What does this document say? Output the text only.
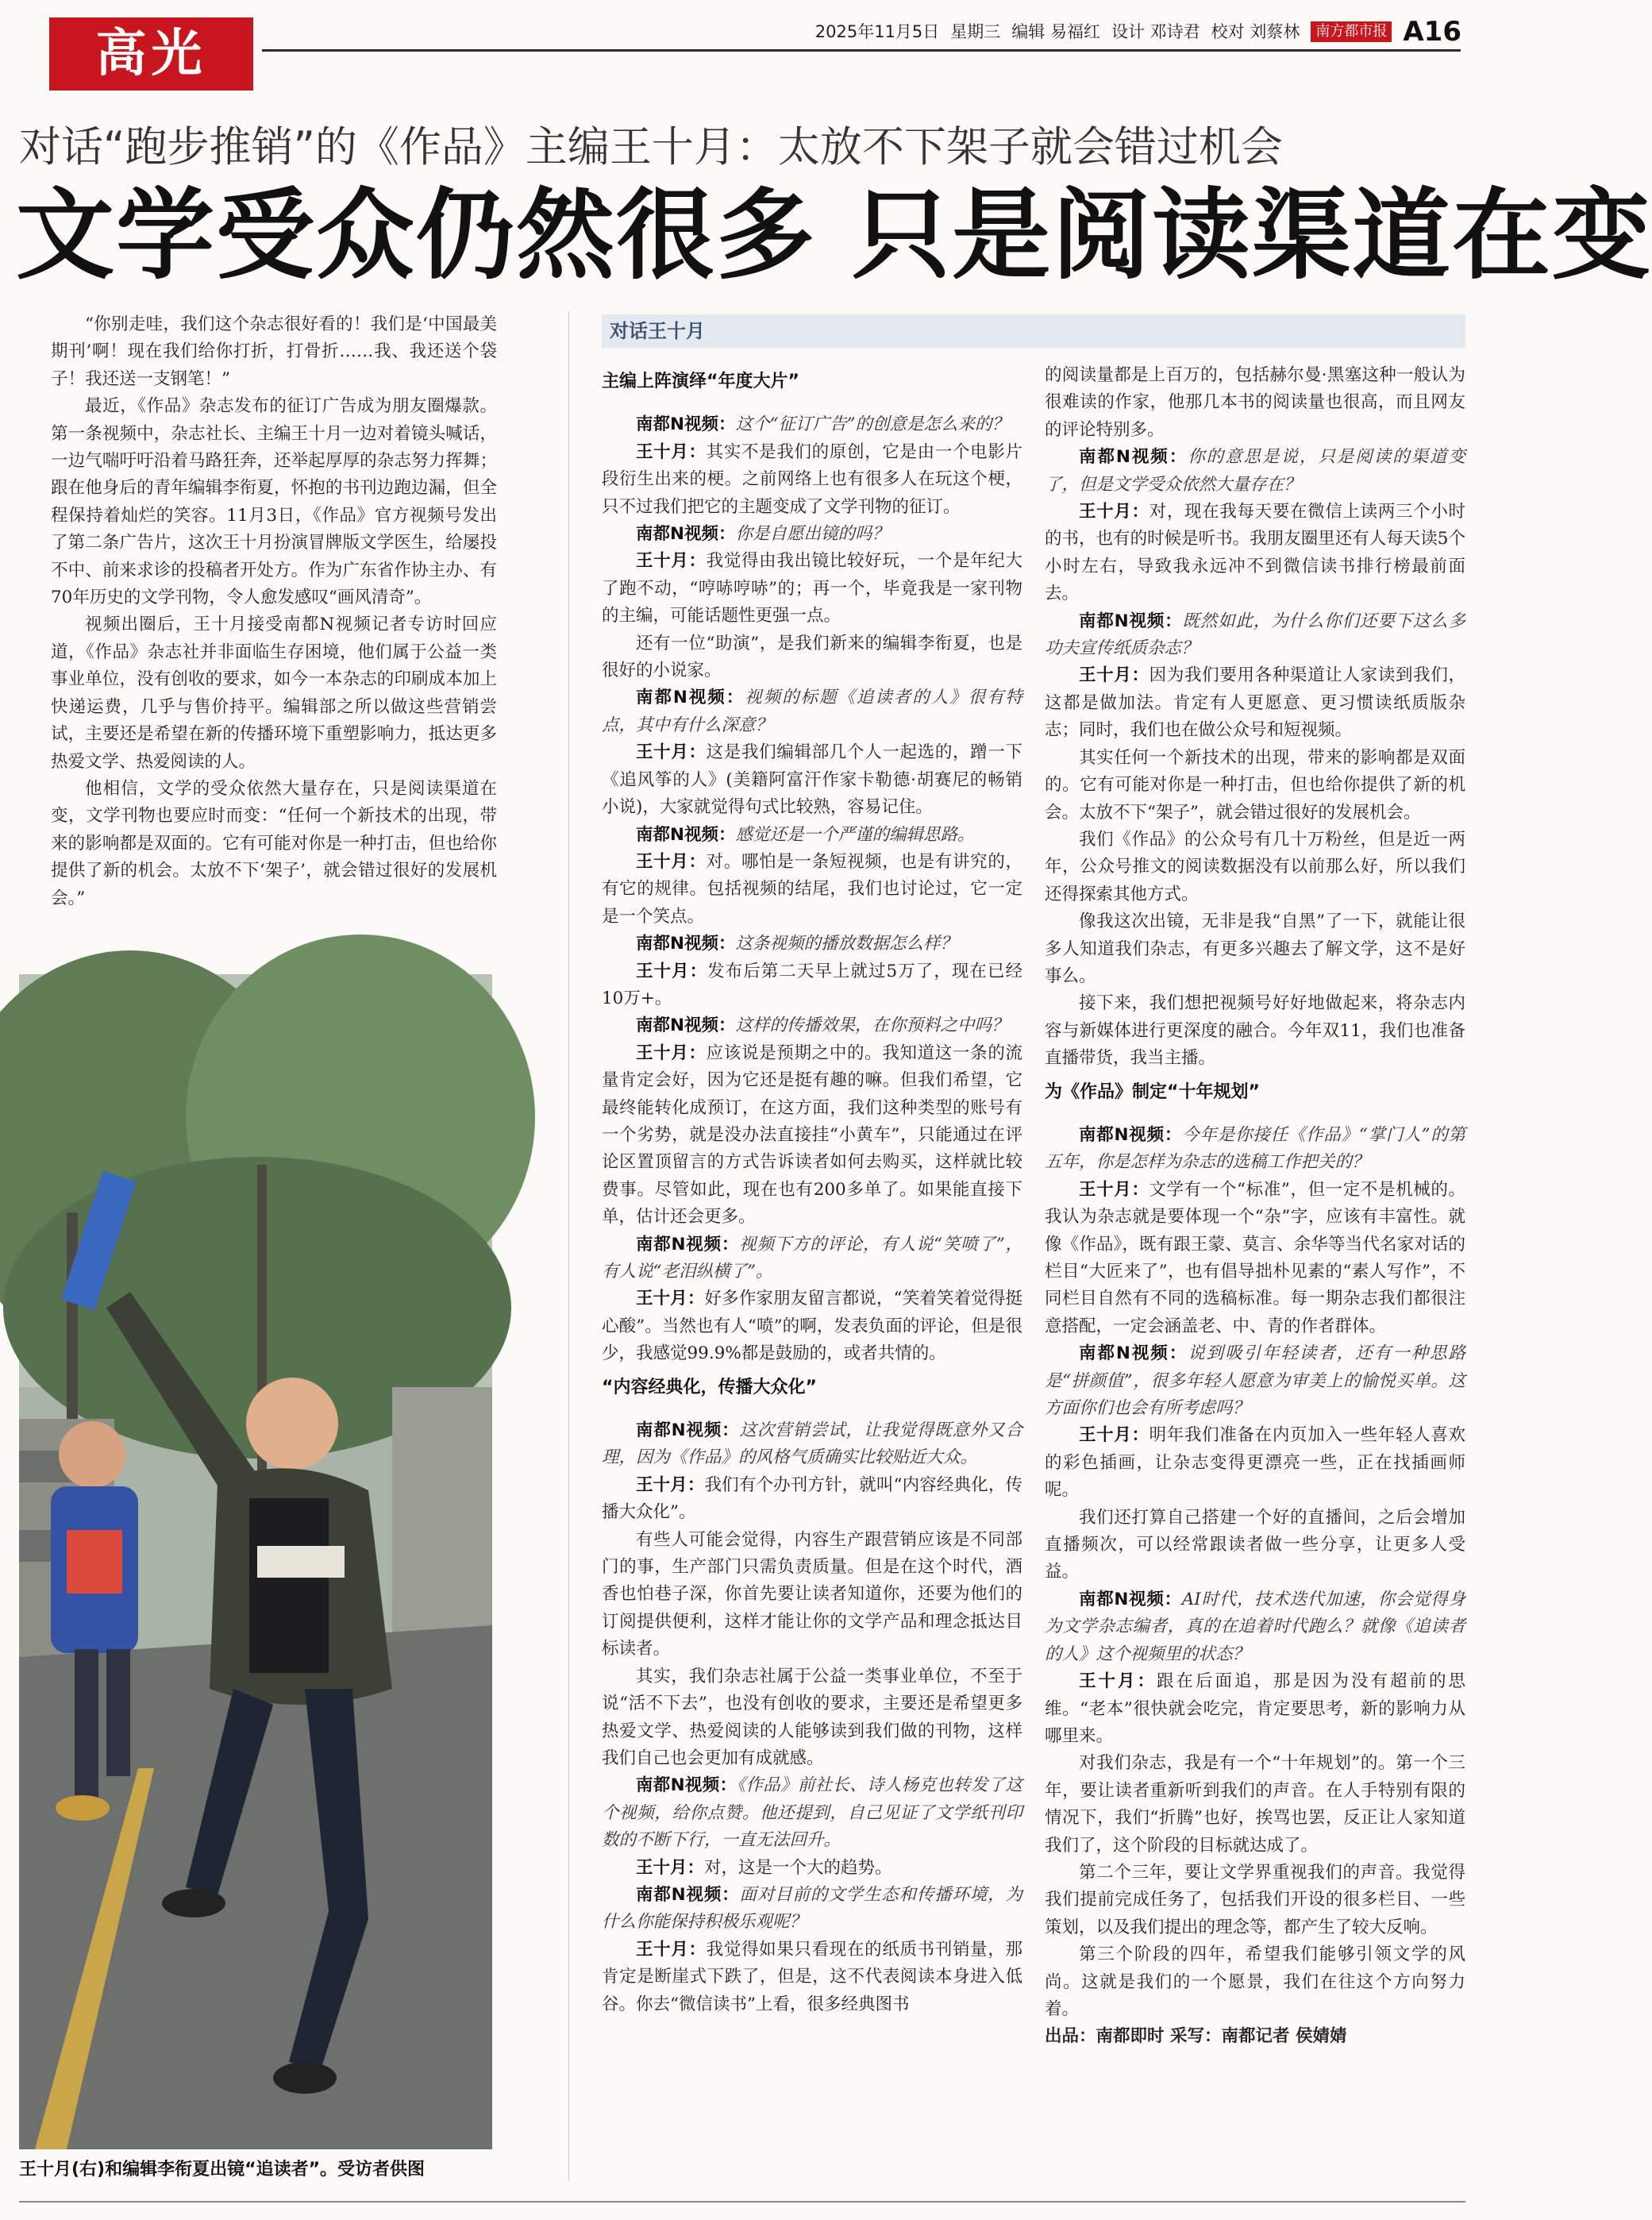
高光	2025年11月5日 星期三 编辑 易福红 设计 邓诗君 校对 刘蔡林	南方都市报 A16
对话“跑步推销”的《作品》主编王十月：太放不下架子就会错过机会
文学受众仍然很多 只是阅读渠道在变

“你别走哇，我们这个杂志很好看的！我们是‘中国最美期刊’啊！现在我们给你打折，打骨折……我、我还送个袋子！我还送一支钢笔！”

最近，《作品》杂志发布的征订广告成为朋友圈爆款。第一条视频中，杂志社长、主编王十月一边对着镜头喊话，一边气喘吁吁沿着马路狂奔，还举起厚厚的杂志努力挥舞；跟在他身后的青年编辑李衔夏，怀抱的书刊边跑边漏，但全程保持着灿烂的笑容。11月3日，《作品》官方视频号发出了第二条广告片，这次王十月扮演冒牌版文学医生，给屡投不中、前来求诊的投稿者开处方。作为广东省作协主办、有70年历史的文学刊物，令人愈发感叹“画风清奇”。

视频出圈后，王十月接受南都N视频记者专访时回应道，《作品》杂志社并非面临生存困境，他们属于公益一类事业单位，没有创收的要求，如今一本杂志的印刷成本加上快递运费，几乎与售价持平。编辑部之所以做这些营销尝试，主要还是希望在新的传播环境下重塑影响力，抵达更多热爱文学、热爱阅读的人。

他相信，文学的受众依然大量存在，只是阅读渠道在变，文学刊物也要应时而变：“任何一个新技术的出现，带来的影响都是双面的。它有可能对你是一种打击，但也给你提供了新的机会。太放不下‘架子’，就会错过很好的发展机会。”

王十月(右)和编辑李衔夏出镜“追读者”。受访者供图
对话王十月

主编上阵演绎“年度大片”

南都N视频：这个“征订广告”的创意是怎么来的？

王十月：其实不是我们的原创，它是由一个电影片段衍生出来的梗。之前网络上也有很多人在玩这个梗，只不过我们把它的主题变成了文学刊物的征订。

南都N视频：你是自愿出镜的吗？

王十月：我觉得由我出镜比较好玩，一个是年纪大了跑不动，“哼哧哼哧”的；再一个，毕竟我是一家刊物的主编，可能话题性更强一点。

还有一位“助演”，是我们新来的编辑李衔夏，也是很好的小说家。

南都N视频：视频的标题《追读者的人》很有特点，其中有什么深意？

王十月：这是我们编辑部几个人一起选的，蹭一下《追风筝的人》(美籍阿富汗作家卡勒德·胡赛尼的畅销小说)，大家就觉得句式比较熟，容易记住。

南都N视频：感觉还是一个严谨的编辑思路。

王十月：对。哪怕是一条短视频，也是有讲究的，有它的规律。包括视频的结尾，我们也讨论过，它一定是一个笑点。

南都N视频：这条视频的播放数据怎么样？

王十月：发布后第二天早上就过5万了，现在已经10万+。

南都N视频：这样的传播效果，在你预料之中吗？

王十月：应该说是预期之中的。我知道这一条的流量肯定会好，因为它还是挺有趣的嘛。但我们希望，它最终能转化成预订，在这方面，我们这种类型的账号有一个劣势，就是没办法直接挂“小黄车”，只能通过在评论区置顶留言的方式告诉读者如何去购买，这样就比较费事。尽管如此，现在也有200多单了。如果能直接下单，估计还会更多。

南都N视频：视频下方的评论，有人说“笑喷了”，有人说“老泪纵横了”。

王十月：好多作家朋友留言都说，“笑着笑着觉得挺心酸”。当然也有人“喷”的啊，发表负面的评论，但是很少，我感觉99.9%都是鼓励的，或者共情的。

“内容经典化，传播大众化”

南都N视频：这次营销尝试，让我觉得既意外又合理，因为《作品》的风格气质确实比较贴近大众。

王十月：我们有个办刊方针，就叫“内容经典化，传播大众化”。

有些人可能会觉得，内容生产跟营销应该是不同部门的事，生产部门只需负责质量。但是在这个时代，酒香也怕巷子深，你首先要让读者知道你，还要为他们的订阅提供便利，这样才能让你的文学产品和理念抵达目标读者。

其实，我们杂志社属于公益一类事业单位，不至于说“活不下去”，也没有创收的要求，主要还是希望更多热爱文学、热爱阅读的人能够读到我们做的刊物，这样我们自己也会更加有成就感。

南都N视频：《作品》前社长、诗人杨克也转发了这个视频，给你点赞。他还提到，自己见证了文学纸刊印数的不断下行，一直无法回升。

王十月：对，这是一个大的趋势。

南都N视频：面对目前的文学生态和传播环境，为什么你能保持积极乐观呢？

王十月：我觉得如果只看现在的纸质书刊销量，那肯定是断崖式下跌了，但是，这不代表阅读本身进入低谷。你去“微信读书”上看，很多经典图书

的阅读量都是上百万的，包括赫尔曼·黑塞这种一般认为很难读的作家，他那几本书的阅读量也很高，而且网友的评论特别多。

南都N视频：你的意思是说，只是阅读的渠道变了，但是文学受众依然大量存在？

王十月：对，现在我每天要在微信上读两三个小时的书，也有的时候是听书。我朋友圈里还有人每天读5个小时左右，导致我永远冲不到微信读书排行榜最前面去。

南都N视频：既然如此，为什么你们还要下这么多功夫宣传纸质杂志？

王十月：因为我们要用各种渠道让人家读到我们，这都是做加法。肯定有人更愿意、更习惯读纸质版杂志；同时，我们也在做公众号和短视频。

其实任何一个新技术的出现，带来的影响都是双面的。它有可能对你是一种打击，但也给你提供了新的机会。太放不下“架子”，就会错过很好的发展机会。

我们《作品》的公众号有几十万粉丝，但是近一两年，公众号推文的阅读数据没有以前那么好，所以我们还得探索其他方式。

像我这次出镜，无非是我“自黑”了一下，就能让很多人知道我们杂志，有更多兴趣去了解文学，这不是好事么。

接下来，我们想把视频号好好地做起来，将杂志内容与新媒体进行更深度的融合。今年双11，我们也准备直播带货，我当主播。

为《作品》制定“十年规划”

南都N视频：今年是你接任《作品》“掌门人”的第五年，你是怎样为杂志的选稿工作把关的？

王十月：文学有一个“标准”，但一定不是机械的。我认为杂志就是要体现一个“杂”字，应该有丰富性。就像《作品》，既有跟王蒙、莫言、余华等当代名家对话的栏目“大匠来了”，也有倡导拙朴见素的“素人写作”，不同栏目自然有不同的选稿标准。每一期杂志我们都很注意搭配，一定会涵盖老、中、青的作者群体。

南都N视频：说到吸引年轻读者，还有一种思路是“拼颜值”，很多年轻人愿意为审美上的愉悦买单。这方面你们也会有所考虑吗？

王十月：明年我们准备在内页加入一些年轻人喜欢的彩色插画，让杂志变得更漂亮一些，正在找插画师呢。

我们还打算自己搭建一个好的直播间，之后会增加直播频次，可以经常跟读者做一些分享，让更多人受益。

南都N视频：AI时代，技术迭代加速，你会觉得身为文学杂志编者，真的在追着时代跑么？就像《追读者的人》这个视频里的状态？

王十月：跟在后面追，那是因为没有超前的思维。“老本”很快就会吃完，肯定要思考，新的影响力从哪里来。

对我们杂志，我是有一个“十年规划”的。第一个三年，要让读者重新听到我们的声音。在人手特别有限的情况下，我们“折腾”也好，挨骂也罢，反正让人家知道我们了，这个阶段的目标就达成了。

第二个三年，要让文学界重视我们的声音。我觉得我们提前完成任务了，包括我们开设的很多栏目、一些策划，以及我们提出的理念等，都产生了较大反响。

第三个阶段的四年，希望我们能够引领文学的风尚。这就是我们的一个愿景，我们在往这个方向努力着。

出品：南都即时 采写：南都记者 侯婧婧
